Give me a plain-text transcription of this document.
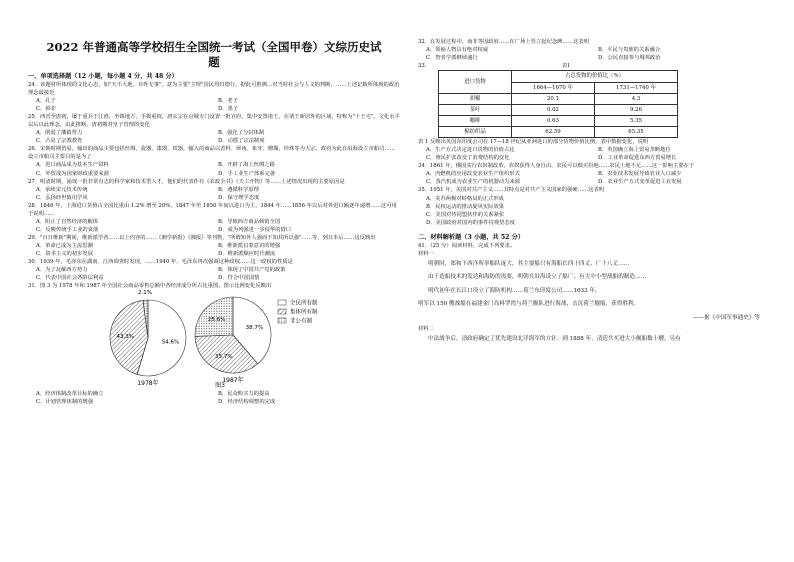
2022 年普通高等学校招生全国统一考试（全国甲卷）文综历史试
题
一、单项选择题（12 小题，每小题 4 分，共 48 分）
24．该题材所体现的文化心态，如"天不大地，百姓无事"，意为主要"主理"国民均归德行。据此可推测…对当时社会与人文的判断，……上述记载所体现的政治理念最接近
A．孔子	B．老子
C．韩非	D．墨子
25．西晋至唐初，屡于重兵于江淮，坐镇地方，手握重权，唐玄宗在京城专门设置一批官府，集中安置诸王，在诸王新居外的区域，特称为"十王宅"。文化水平以后以此理念，由此推断，唐初期对皇子管理的变化
A．削弱了藩镇势力	B．强化了分封体制
C．凸显了宗教教育	D．动摇了宗法制度
26．宋朝时期贸易，输出的商品主要包括丝绸、瓷器、漆器、铁器，输入的商品以香料、犀角、象牙、珊瑚、珍珠等为大宗。政府为此在沿海设立市舶司……设立市舶司主要目的是为了
A．进口商品成为基本生产资料	B．开辟了海上丝绸之路
C．外贸成为国家财政重要来源	D．手工业生产体系完备
27．明清时期，涌现一批非常有志的科学家和技术型人才，他们的代表作有《农政全书》《天工开物》等……上述情况出现的主要原因是
A．承续宋元技术传统	B．遵循科学原理
C．弘扬经世致用学风	D．保守理学态度
28．1846 年，上海进口货值占全国比重由 1.2% 增至 20%，1847 年至 1850 年间以进口为主，1844 年……1856 年以后对外进口额逐年递增……这可用于说明……
A．阻止了自然经济的解体	B．导致西方商品倾销全国
C．反映传统手工业的衰落	D．成为列强进一步侵华的借口
29．"百日维新"期间，维新派学者……以上内容的……《湘学新报》《湘报》等刊物，"所谓知外人强而不知其所以强"……等，到日本后……这反映出
A．革命已成为主流思潮	B．维新派启蒙意识的增强
C．资本主义的初步发展	D．维新派顺应时代潮流
30．1939 年，毛泽东在湖南、江西调查时发现，……1940 年，毛泽东再次强调这种政权……这一政权的性质是
A．为了瓦解西方势力	B．体现了中国共产党的政策
C．代表中国社会各阶层利益	D．符合中国国情
31．图 3 为 1978 年和 1987 年全国社会商品零售总额中各经济成分所占比重图。图示比例变化反映出
54.6%
43.3%
2.1%
1978年
38.7%
35.7%
25.6%
1987年
全民所有制
集体所有制
非公有制
图3
A．经济体制改革目标的确立	B．民众购买力的提高
C．计划管理体制的增强	D．经济结构调整的完成
32．在发展过程中，南非等国政府……在广场上竖立起纪念碑……这表明
A．领袖人物具有绝对权威	B．平民与贵族的关系融合
C．智者学派继续盛行	D．公民直接参与城邦政治
33．	表1
进口货物	占总货物的价值比（%）	
	1664—1670 年	1731—1740 年
胡椒	20.1	4.3
茶叶	0.02	9.26
咖啡	0.63	5.35
棉纺织品	62.59	65.35
表 1 反映出英国东印度公司在 17—18 世纪从亚洲进口的部分货物价值比例，表中数据变化，说明
A．生产方式决定进口货物的价值占比	B．英国确立海上贸易垄断地位
C．殖民扩张改变了消费结构的变化	D．工业革命促进东西方贸易增长
34．1861 年，俄国实行农奴制改革，农奴获得人身自由，农民可以赎买份地……农民土地不足……这一影响主要在于
A．内燃机的应用改变农业生产组织形式	B．农业技术发展导致农业人口减少
C．蒸汽机成为农业生产的机器动力来源	D．农业生产方式变革促进工业发展
35．1951 年，美国对共产主义……其特点是对共产主义国家的强硬……这表明
A．美苏两极对峙格局的正式形成
B．民权运动的推动旋风实际效果
C．美国对待同盟伙伴的关系紧张
D．美国政府对国内的事件持观望态度
二、材料解析题（3 小题，共 52 分）
41．（25 分）阅读材料，完成下列要求。
材料一
明朝时，郑和下西洋所率船队庞大，其主要船只有海船长四十四丈、广十八丈……
由于造船技术的发达和海防的需要，明朝在沿海设立了船厂，有大中小型战船的制造……
明代初年在长江口设立了海防机构……荷兰东印度公司……1633 年，
明军以 150 艘战船在福建金门岛料罗湾与荷兰舰队进行海战，击沉荷兰舰船，获得胜利。
——据《中国军事通史》等
材料二
中法战争后，清政府确定了优先建设北洋海军的方针。到 1888 年，清廷共买进大小舰船数十艘，另有
